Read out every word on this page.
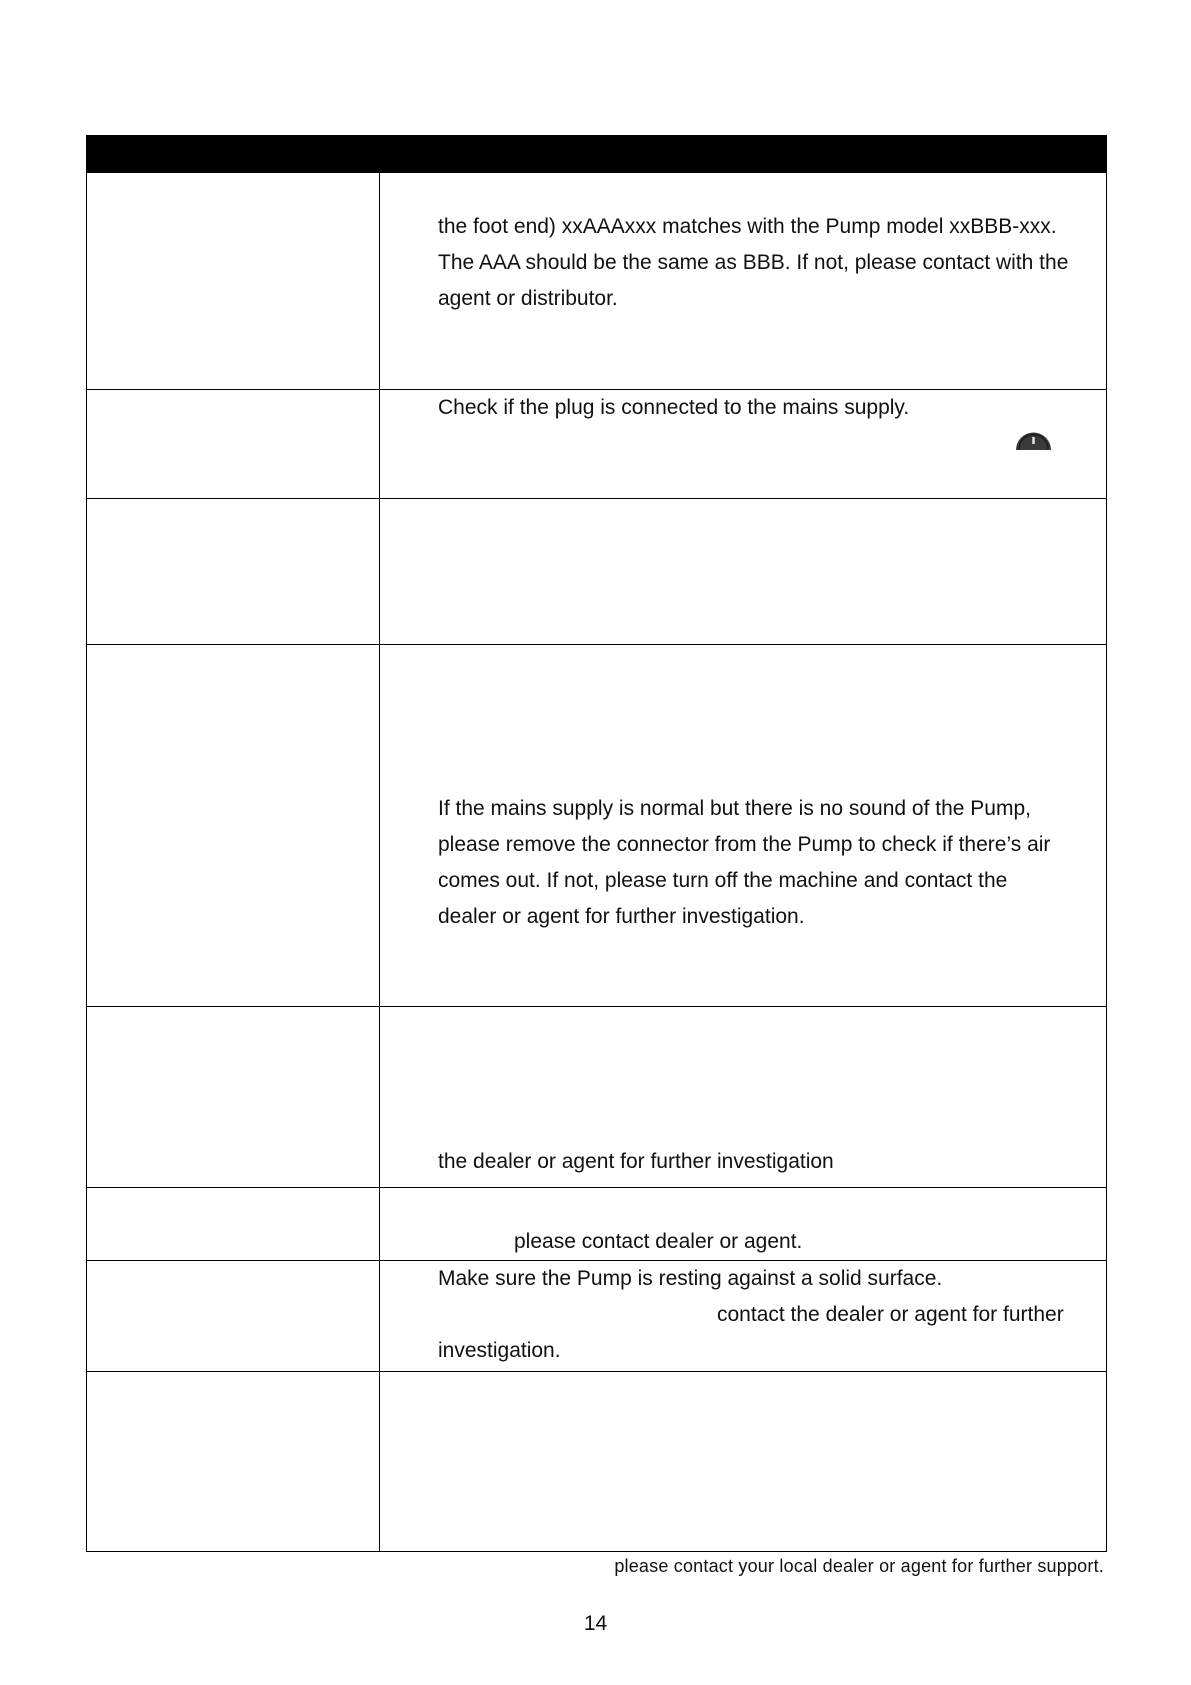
the foot end) xxAAAxxx matches with the Pump model xxBBB-xxx.
The AAA should be the same as BBB. If not, please contact with the
agent or distributor.
Check if the plug is connected to the mains supply.
If the mains supply is normal but there is no sound of the Pump,
please remove the connector from the Pump to check if there’s air
comes out. If not, please turn off the machine and contact the
dealer or agent for further investigation.
the dealer or agent for further investigation
please contact dealer or agent.
Make sure the Pump is resting against a solid surface.
contact the dealer or agent for further
investigation.
please contact your local dealer or agent for further support.
14
